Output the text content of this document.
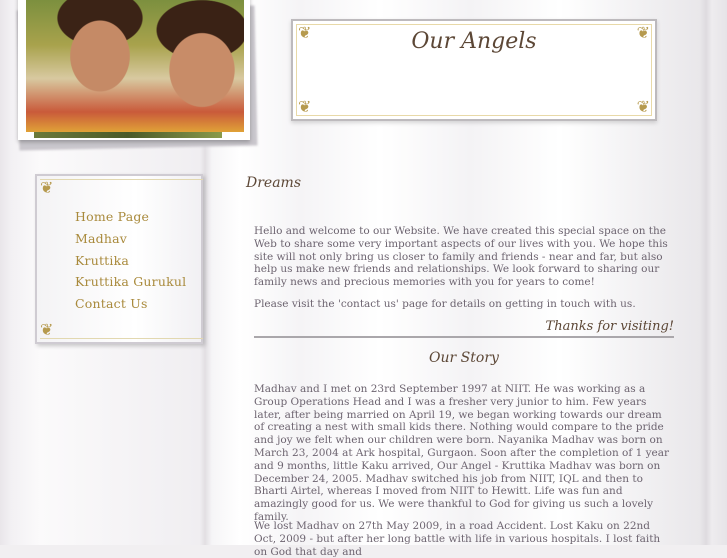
❦	❦
❦	❦
Our Angels
❦
❦
Home Page
Madhav
Kruttika
Kruttika Gurukul
Contact Us
Dreams
Hello and welcome to our Website. We have created this special space on the Web to share some very important aspects of our lives with you. We hope this site will not only bring us closer to family and friends - near and far, but also help us make new friends and relationships. We look forward to sharing our family news and precious memories with you for years to come!
Please visit the 'contact us' page for details on getting in touch with us.
Thanks for visiting!
Our Story
Madhav and I met on 23rd September 1997 at NIIT. He was working as a Group Operations Head and I was a fresher very junior to him. Few years later, after being married on April 19, we began working towards our dream of creating a nest with small kids there. Nothing would compare to the pride and joy we felt when our children were born. Nayanika Madhav was born on March 23, 2004 at Ark hospital, Gurgaon. Soon after the completion of 1 year and 9 months, little Kaku arrived, Our Angel - Kruttika Madhav was born on December 24, 2005. Madhav switched his job from NIIT, IQL and then to Bharti Airtel, whereas I moved from NIIT to Hewitt. Life was fun and amazingly good for us. We were thankful to God for giving us such a lovely family.
We lost Madhav on 27th May 2009, in a road Accident. Lost Kaku on 22nd Oct, 2009 - but after her long battle with life in various hospitals. I lost faith on God that day and
